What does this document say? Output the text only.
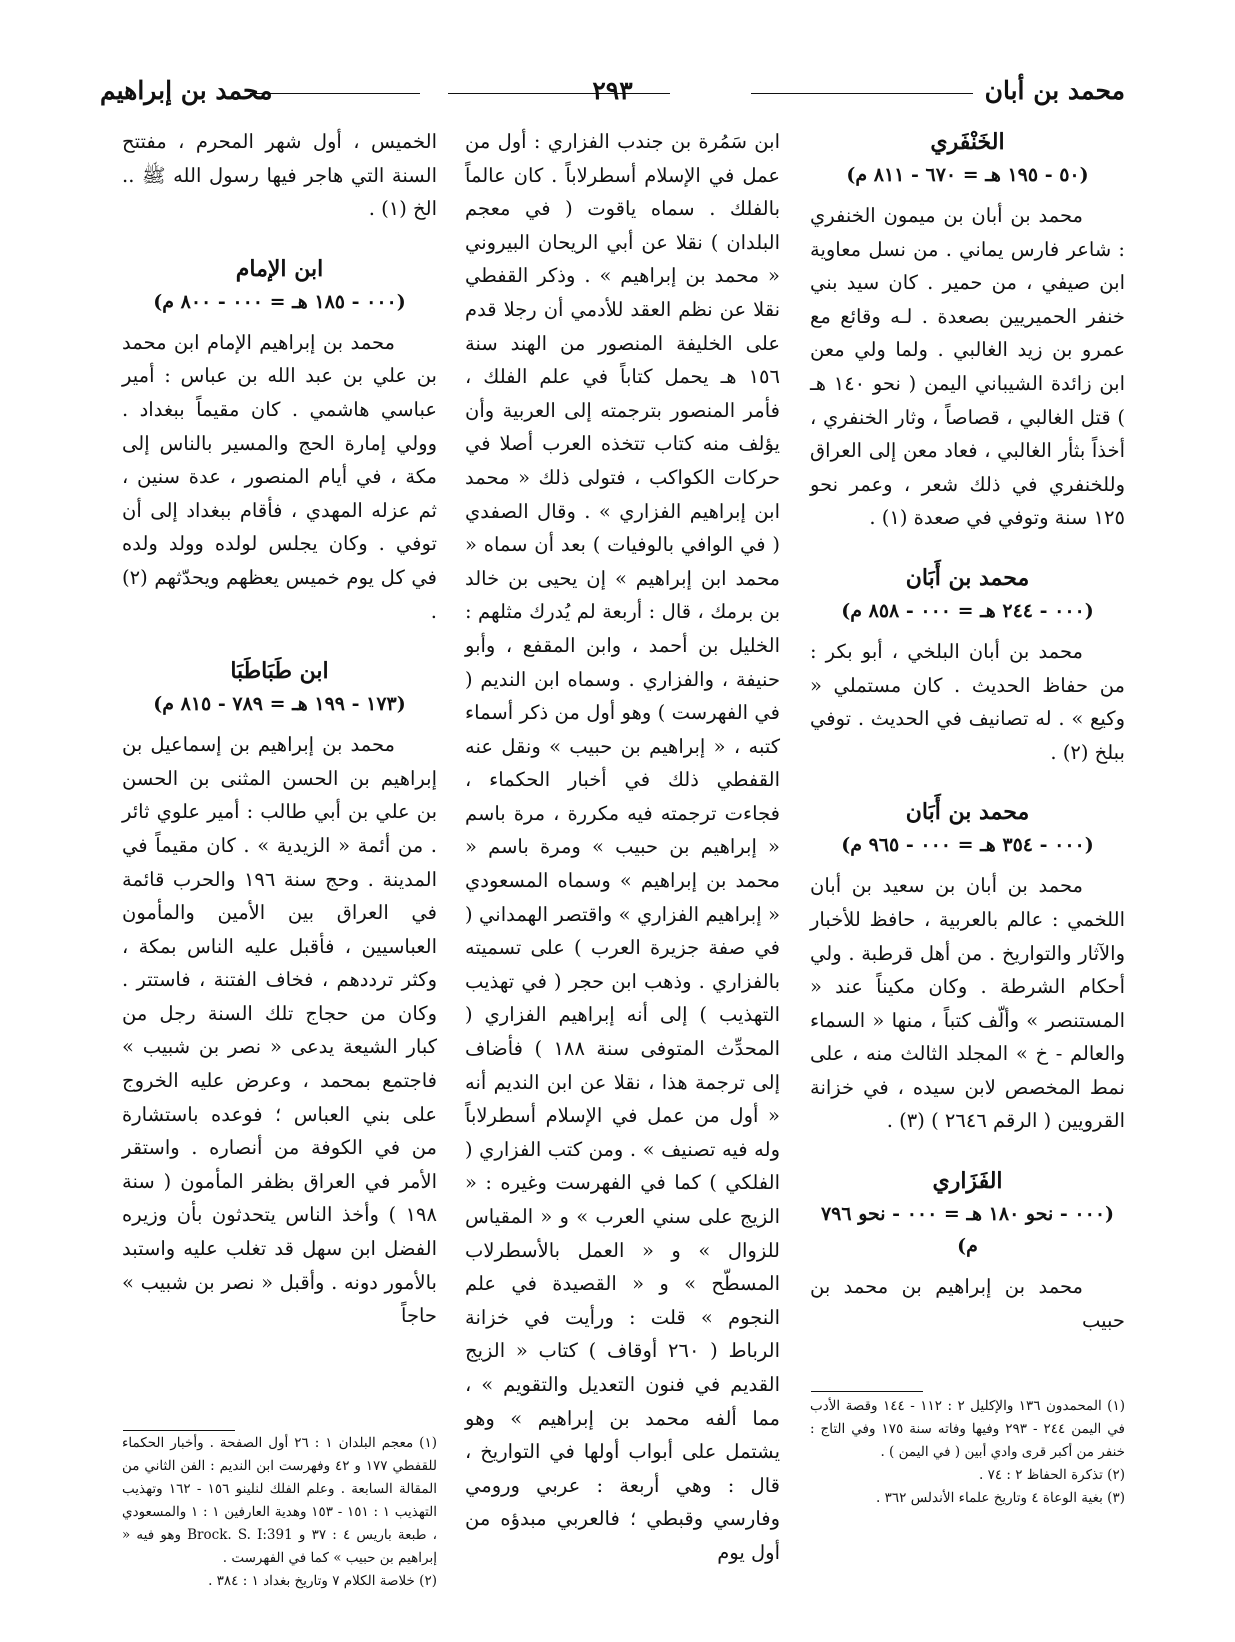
محمد بن أبان
٢٩٣
محمد بن إبراهيم

الخَنْفَري

(٥٠ - ١٩٥ هـ = ٦٧٠ - ٨١١ م)

محمد بن أبان بن ميمون الخنفري : شاعر فارس يماني . من نسل معاوية ابن صيفي ، من حمير . كان سيد بني خنفر الحميريين بصعدة . لـه وقائع مع عمرو بن زيد الغالبي . ولما ولي معن ابن زائدة الشيباني اليمن ( نحو ١٤٠ هـ ) قتل الغالبي ، قصاصاً ، وثار الخنفري ، أخذاً بثأر الغالبي ، فعاد معن إلى العراق وللخنفري في ذلك شعر ، وعمر نحو ١٢٥ سنة وتوفي في صعدة (١) .

محمد بن أَبَان

(٠٠٠ - ٢٤٤ هـ = ٠٠٠ - ٨٥٨ م)

محمد بن أبان البلخي ، أبو بكر : من حفاظ الحديث . كان مستملي « وكيع » . له تصانيف في الحديث . توفي ببلخ (٢) .

محمد بن أَبَان

(٠٠٠ - ٣٥٤ هـ = ٠٠٠ - ٩٦٥ م)

محمد بن أبان بن سعيد بن أبان اللخمي : عالم بالعربية ، حافظ للأخبار والآثار والتواريخ . من أهل قرطبة . ولي أحكام الشرطة . وكان مكيناً عند « المستنصر » وألّف كتباً ، منها « السماء والعالم - خ » المجلد الثالث منه ، على نمط المخصص لابن سيده ، في خزانة القرويين ( الرقم ٢٦٤٦ ) (٣) .

الفَزَاري

(٠٠٠ - نحو ١٨٠ هـ = ٠٠٠ - نحو ٧٩٦ م)

محمد بن إبراهيم بن محمد بن حبيب

ابن سَمُرة بن جندب الفزاري : أول من عمل في الإسلام أسطرلاباً . كان عالماً بالفلك . سماه ياقوت ( في معجم البلدان ) نقلا عن أبي الريحان البيروني « محمد بن إبراهيم » . وذكر القفطي نقلا عن نظم العقد للأدمي أن رجلا قدم على الخليفة المنصور من الهند سنة ١٥٦ هـ يحمل كتاباً في علم الفلك ، فأمر المنصور بترجمته إلى العربية وأن يؤلف منه كتاب تتخذه العرب أصلا في حركات الكواكب ، فتولى ذلك « محمد ابن إبراهيم الفزاري » . وقال الصفدي ( في الوافي بالوفيات ) بعد أن سماه « محمد ابن إبراهيم » إن يحيى بن خالد بن برمك ، قال : أربعة لم يُدرك مثلهم : الخليل بن أحمد ، وابن المقفع ، وأبو حنيفة ، والفزاري . وسماه ابن النديم ( في الفهرست ) وهو أول من ذكر أسماء كتبه ، « إبراهيم بن حبيب » ونقل عنه القفطي ذلك في أخبار الحكماء ، فجاءت ترجمته فيه مكررة ، مرة باسم « إبراهيم بن حبيب » ومرة باسم « محمد بن إبراهيم » وسماه المسعودي « إبراهيم الفزاري » واقتصر الهمداني ( في صفة جزيرة العرب ) على تسميته بالفزاري . وذهب ابن حجر ( في تهذيب التهذيب ) إلى أنه إبراهيم الفزاري ( المحدِّث المتوفى سنة ١٨٨ ) فأضاف إلى ترجمة هذا ، نقلا عن ابن النديم أنه « أول من عمل في الإسلام أسطرلاباً وله فيه تصنيف » . ومن كتب الفزاري ( الفلكي ) كما في الفهرست وغيره : « الزيج على سني العرب » و « المقياس للزوال » و « العمل بالأسطرلاب المسطّح » و « القصيدة في علم النجوم » قلت : ورأيت في خزانة الرباط ( ٢٦٠ أوقاف ) كتاب « الزيج القديم في فنون التعديل والتقويم » ، مما ألفه محمد بن إبراهيم » وهو يشتمل على أبواب أولها في التواريخ ، قال : وهي أربعة : عربي ورومي وفارسي وقبطي ؛ فالعربي مبدؤه من أول يوم

الخميس ، أول شهر المحرم ، مفتتح السنة التي هاجر فيها رسول الله ﷺ .. الخ (١) .

ابن الإمام

(٠٠٠ - ١٨٥ هـ = ٠٠٠ - ٨٠٠ م)

محمد بن إبراهيم الإمام ابن محمد بن علي بن عبد الله بن عباس : أمير عباسي هاشمي . كان مقيماً ببغداد . وولي إمارة الحج والمسير بالناس إلى مكة ، في أيام المنصور ، عدة سنين ، ثم عزله المهدي ، فأقام ببغداد إلى أن توفي . وكان يجلس لولده وولد ولده في كل يوم خميس يعظهم ويحدّثهم (٢) .

ابن طَبَاطَبَا

(١٧٣ - ١٩٩ هـ = ٧٨٩ - ٨١٥ م)

محمد بن إبراهيم بن إسماعيل بن إبراهيم بن الحسن المثنى بن الحسن بن علي بن أبي طالب : أمير علوي ثائر . من أئمة « الزيدية » . كان مقيماً في المدينة . وحج سنة ١٩٦ والحرب قائمة في العراق بين الأمين والمأمون العباسيين ، فأقبل عليه الناس بمكة ، وكثر ترددهم ، فخاف الفتنة ، فاستتر . وكان من حجاج تلك السنة رجل من كبار الشيعة يدعى « نصر بن شبيب » فاجتمع بمحمد ، وعرض عليه الخروج على بني العباس ؛ فوعده باستشارة من في الكوفة من أنصاره . واستقر الأمر في العراق بظفر المأمون ( سنة ١٩٨ ) وأخذ الناس يتحدثون بأن وزيره الفضل ابن سهل قد تغلب عليه واستبد بالأمور دونه . وأقبل « نصر بن شبيب » حاجاً

(١) المحمدون ١٣٦ والإكليل ٢ : ١١٢ - ١٤٤ وقصة الأدب في اليمن ٢٤٤ - ٢٩٣ وفيها وفاته سنة ١٧٥ وفي التاج : خنفر من أكبر قرى وادي أبين ( في اليمن ) .

(٢) تذكرة الحفاظ ٢ : ٧٤ .

(٣) بغية الوعاة ٤ وتاريخ علماء الأندلس ٣٦٢ .

(١) معجم البلدان ١ : ٢٦ أول الصفحة . وأخبار الحكماء للقفطي ١٧٧ و ٤٢ وفهرست ابن النديم : الفن الثاني من المقالة السابعة . وعلم الفلك لنلينو ١٥٦ - ١٦٢ وتهذيب التهذيب ١ : ١٥١ - ١٥٣ وهدية العارفين ١ : ١ والمسعودي ، طبعة باريس ٤ : ٣٧ و Brock. S. I:391 وهو فيه « إبراهيم بن حبيب » كما في الفهرست .

(٢) خلاصة الكلام ٧ وتاريخ بغداد ١ : ٣٨٤ .
